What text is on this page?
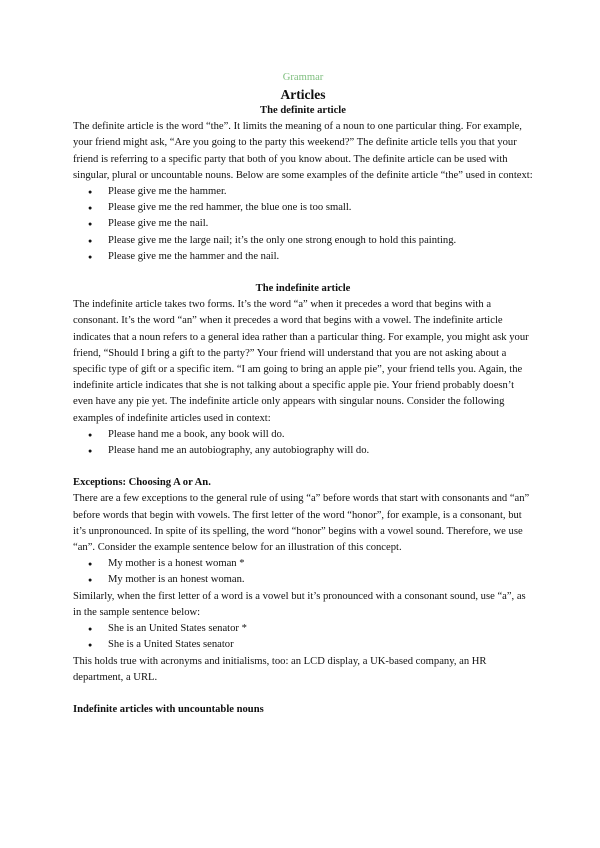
Grammar

Articles

The definite article

The definite article is the word “the”. It limits the meaning of a noun to one particular thing. For example, your friend might ask, “Are you going to the party this weekend?” The definite article tells you that your friend is referring to a specific party that both of you know about. The definite article can be used with singular, plural or uncountable nouns. Below are some examples of the definite article “the” used in context:

● Please give me the hammer.
● Please give me the red hammer, the blue one is too small.
● Please give me the nail.
● Please give me the large nail; it’s the only one strong enough to hold this painting.
● Please give me the hammer and the nail.

The indefinite article

The indefinite article takes two forms. It’s the word “a” when it precedes a word that begins with a consonant. It’s the word “an” when it precedes a word that begins with a vowel. The indefinite article indicates that a noun refers to a general idea rather than a particular thing. For example, you might ask your friend, “Should I bring a gift to the party?” Your friend will understand that you are not asking about a specific type of gift or a specific item. “I am going to bring an apple pie”, your friend tells you. Again, the indefinite article indicates that she is not talking about a specific apple pie. Your friend probably doesn’t even have any pie yet. The indefinite article only appears with singular nouns. Consider the following examples of indefinite articles used in context:

● Please hand me a book, any book will do.
● Please hand me an autobiography, any autobiography will do.

Exceptions: Choosing A or An.

There are a few exceptions to the general rule of using “a” before words that start with consonants and “an” before words that begin with vowels. The first letter of the word “honor”, for example, is a consonant, but it’s unpronounced. In spite of its spelling, the word “honor” begins with a vowel sound. Therefore, we use “an”. Consider the example sentence below for an illustration of this concept.

● My mother is a honest woman *
● My mother is an honest woman.

Similarly, when the first letter of a word is a vowel but it’s pronounced with a consonant sound, use “a”, as in the sample sentence below:

● She is an United States senator *
● She is a United States senator

This holds true with acronyms and initialisms, too: an LCD display, a UK-based company, an HR department, a URL.

Indefinite articles with uncountable nouns
